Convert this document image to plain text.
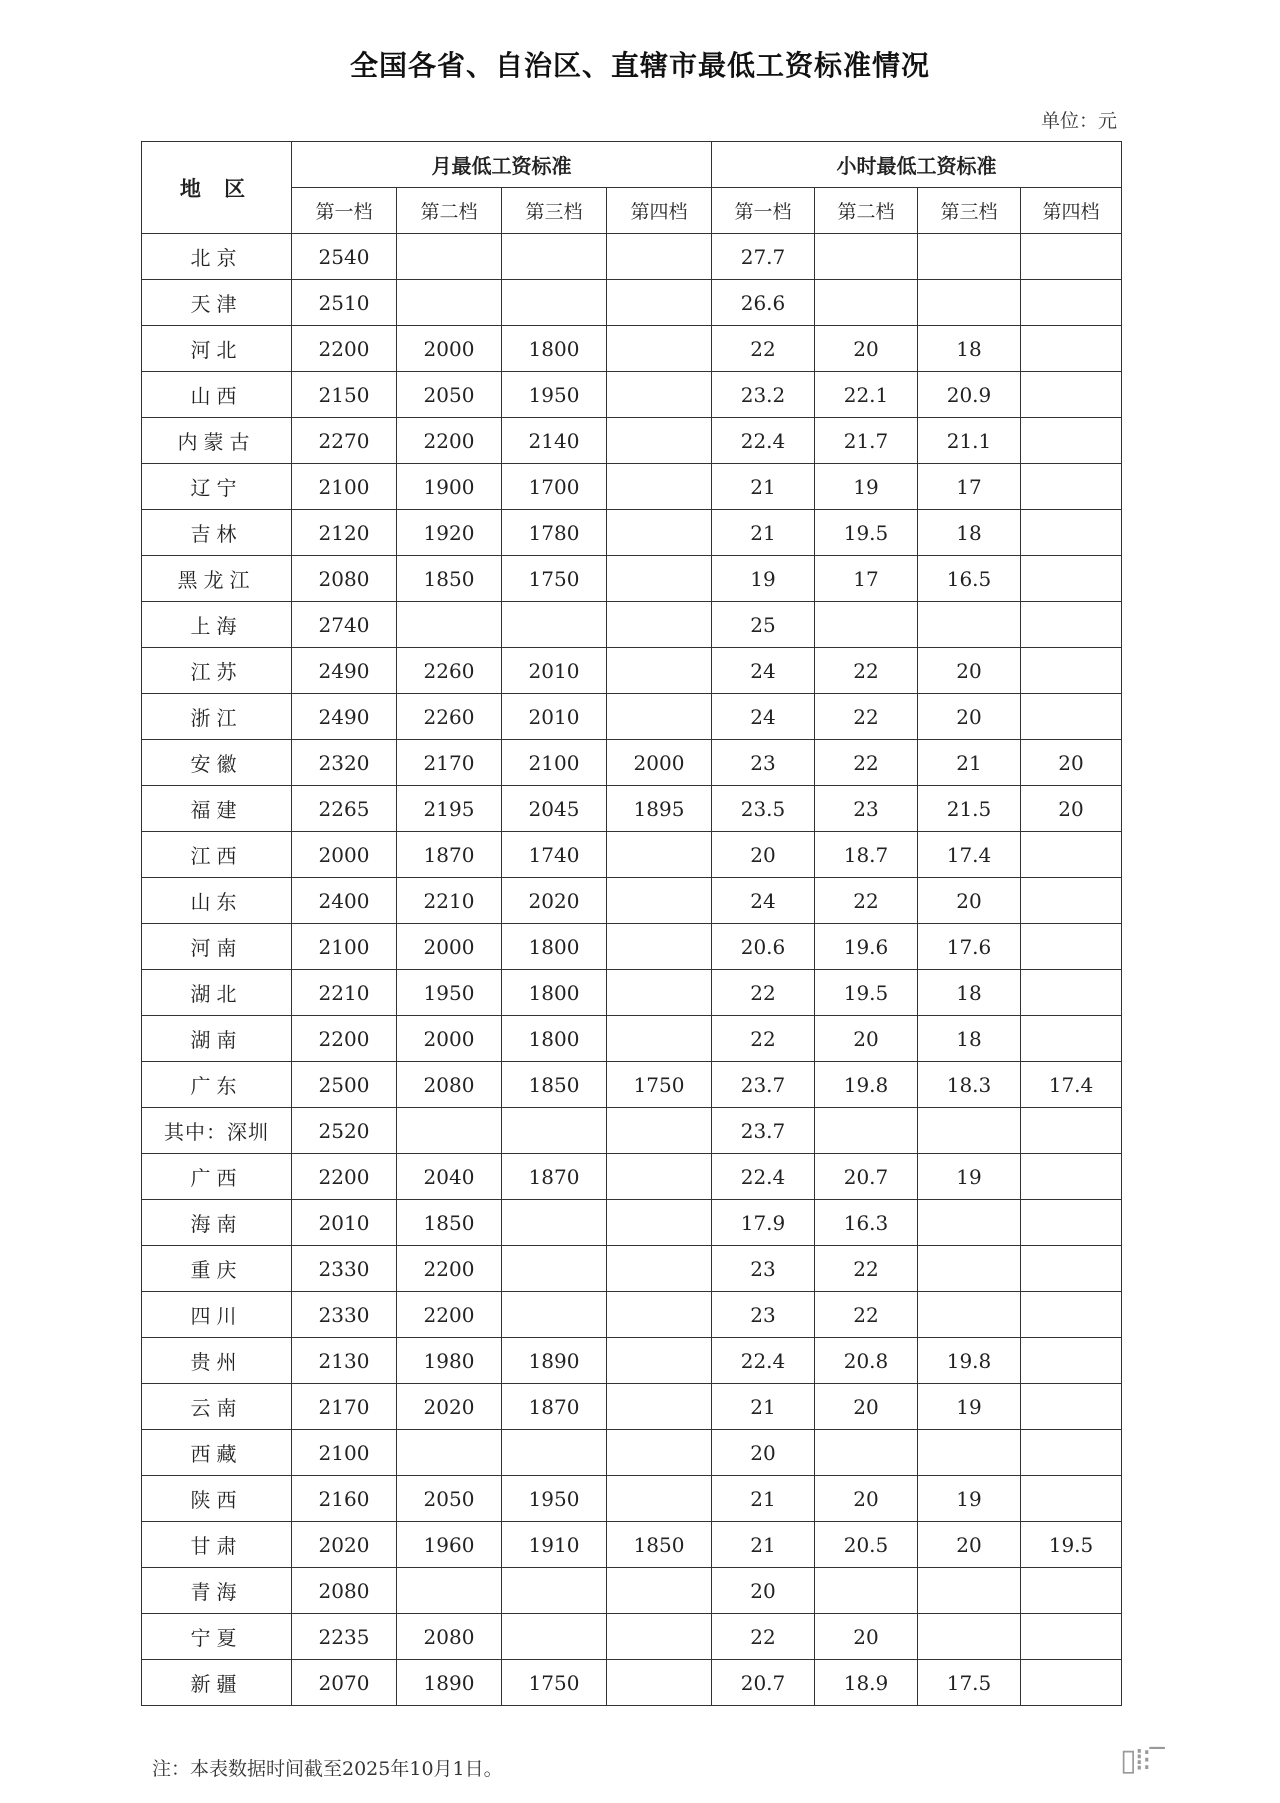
全国各省、自治区、直辖市最低工资标准情况
单位：元
地 区	月最低工资标准				小时最低工资标准			
	第一档	第二档	第三档	第四档	第一档	第二档	第三档	第四档
北京	2540				27.7			
天津	2510				26.6			
河北	2200	2000	1800		22	20	18	
山西	2150	2050	1950		23.2	22.1	20.9	
内蒙古	2270	2200	2140		22.4	21.7	21.1	
辽宁	2100	1900	1700		21	19	17	
吉林	2120	1920	1780		21	19.5	18	
黑龙江	2080	1850	1750		19	17	16.5	
上海	2740				25			
江苏	2490	2260	2010		24	22	20	
浙江	2490	2260	2010		24	22	20	
安徽	2320	2170	2100	2000	23	22	21	20
福建	2265	2195	2045	1895	23.5	23	21.5	20
江西	2000	1870	1740		20	18.7	17.4	
山东	2400	2210	2020		24	22	20	
河南	2100	2000	1800		20.6	19.6	17.6	
湖北	2210	1950	1800		22	19.5	18	
湖南	2200	2000	1800		22	20	18	
广东	2500	2080	1850	1750	23.7	19.8	18.3	17.4
其中：深圳	2520				23.7			
广西	2200	2040	1870		22.4	20.7	19	
海南	2010	1850			17.9	16.3		
重庆	2330	2200			23	22		
四川	2330	2200			23	22		
贵州	2130	1980	1890		22.4	20.8	19.8	
云南	2170	2020	1870		21	20	19	
西藏	2100				20			
陕西	2160	2050	1950		21	20	19	
甘肃	2020	1960	1910	1850	21	20.5	20	19.5
青海	2080				20			
宁夏	2235	2080			22	20		
新疆	2070	1890	1750		20.7	18.9	17.5	
注：本表数据时间截至2025年10月1日。	▯⁞⁝‾
